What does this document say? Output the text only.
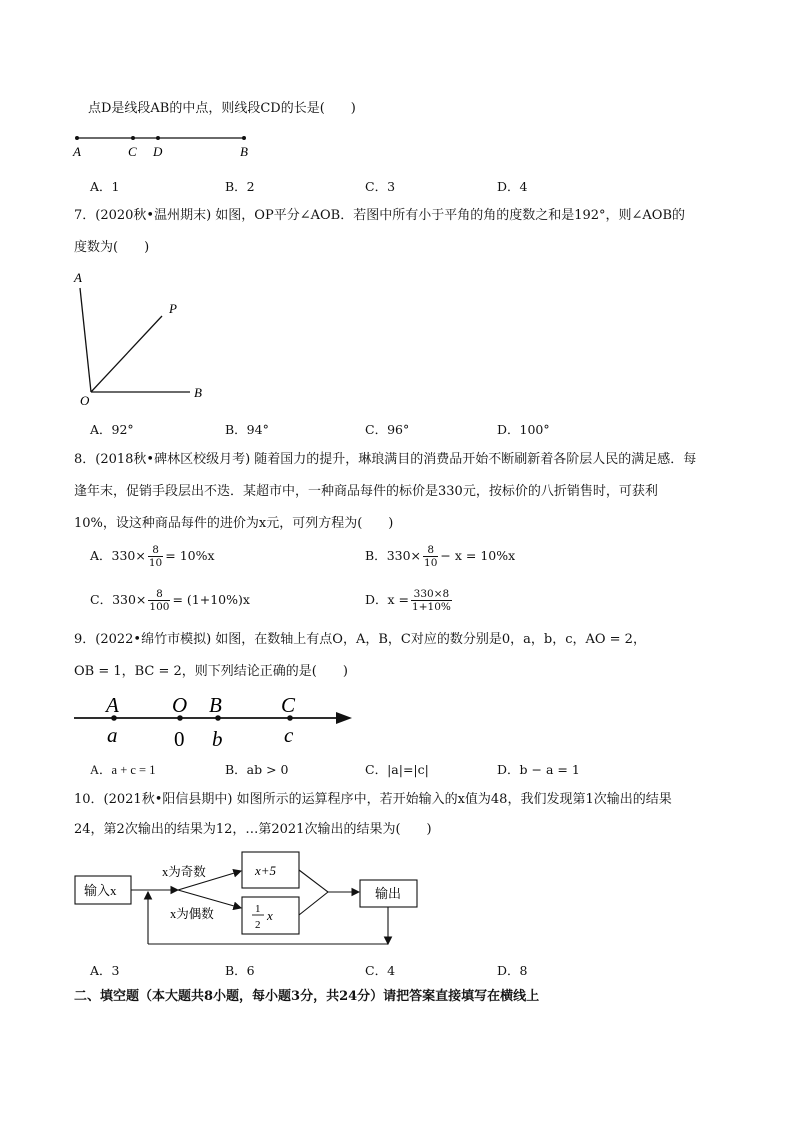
点D是线段AB的中点，则线段CD的长是(　　)
A	C D	B
A．1	B．2	C．3	D．4
7．(2020秋•温州期末) 如图，OP平分∠AOB．若图中所有小于平角的角的度数之和是192°，则∠AOB的
度数为(　　)
A
P
O
B
A．92°	B．94°	C．96°	D．100°
8．(2018秋•碑林区校级月考) 随着国力的提升，琳琅满目的消费品开始不断刷新着各阶层人民的满足感．每
逢年末，促销手段层出不迭．某超市中，一种商品每件的标价是330元，按标价的八折销售时，可获利
10%，设这种商品每件的进价为x元，可列方程为(　　)
A．$330\times \frac{8}{10} = 10\%x$	B．$330\times \frac{8}{10} - x = 10\%x$
C．$330\times \frac{8}{100} = (1+10\%)x$	D．$x = \frac{330\times 8}{1+10\%}$
9．(2022•绵竹市模拟) 如图，在数轴上有点O，A，B，C对应的数分别是0，a，b，c，AO = 2，
OB = 1，BC = 2，则下列结论正确的是(　　)
A	O B	C
a	0 b	c
A．a + c = 1	B．ab > 0	C．|a|=|c|	D．b − a = 1
10．(2021秋•阳信县期中) 如图所示的运算程序中，若开始输入的x值为48，我们发现第1次输出的结果
24，第2次输出的结果为12，…第2021次输出的结果为(　　)
输入x
x为奇数
x为偶数
x+5
1
2
x
输出
A．3	B．6	C．4	D．8
二、填空题（本大题共8小题，每小题3分，共24分）请把答案直接填写在横线上
